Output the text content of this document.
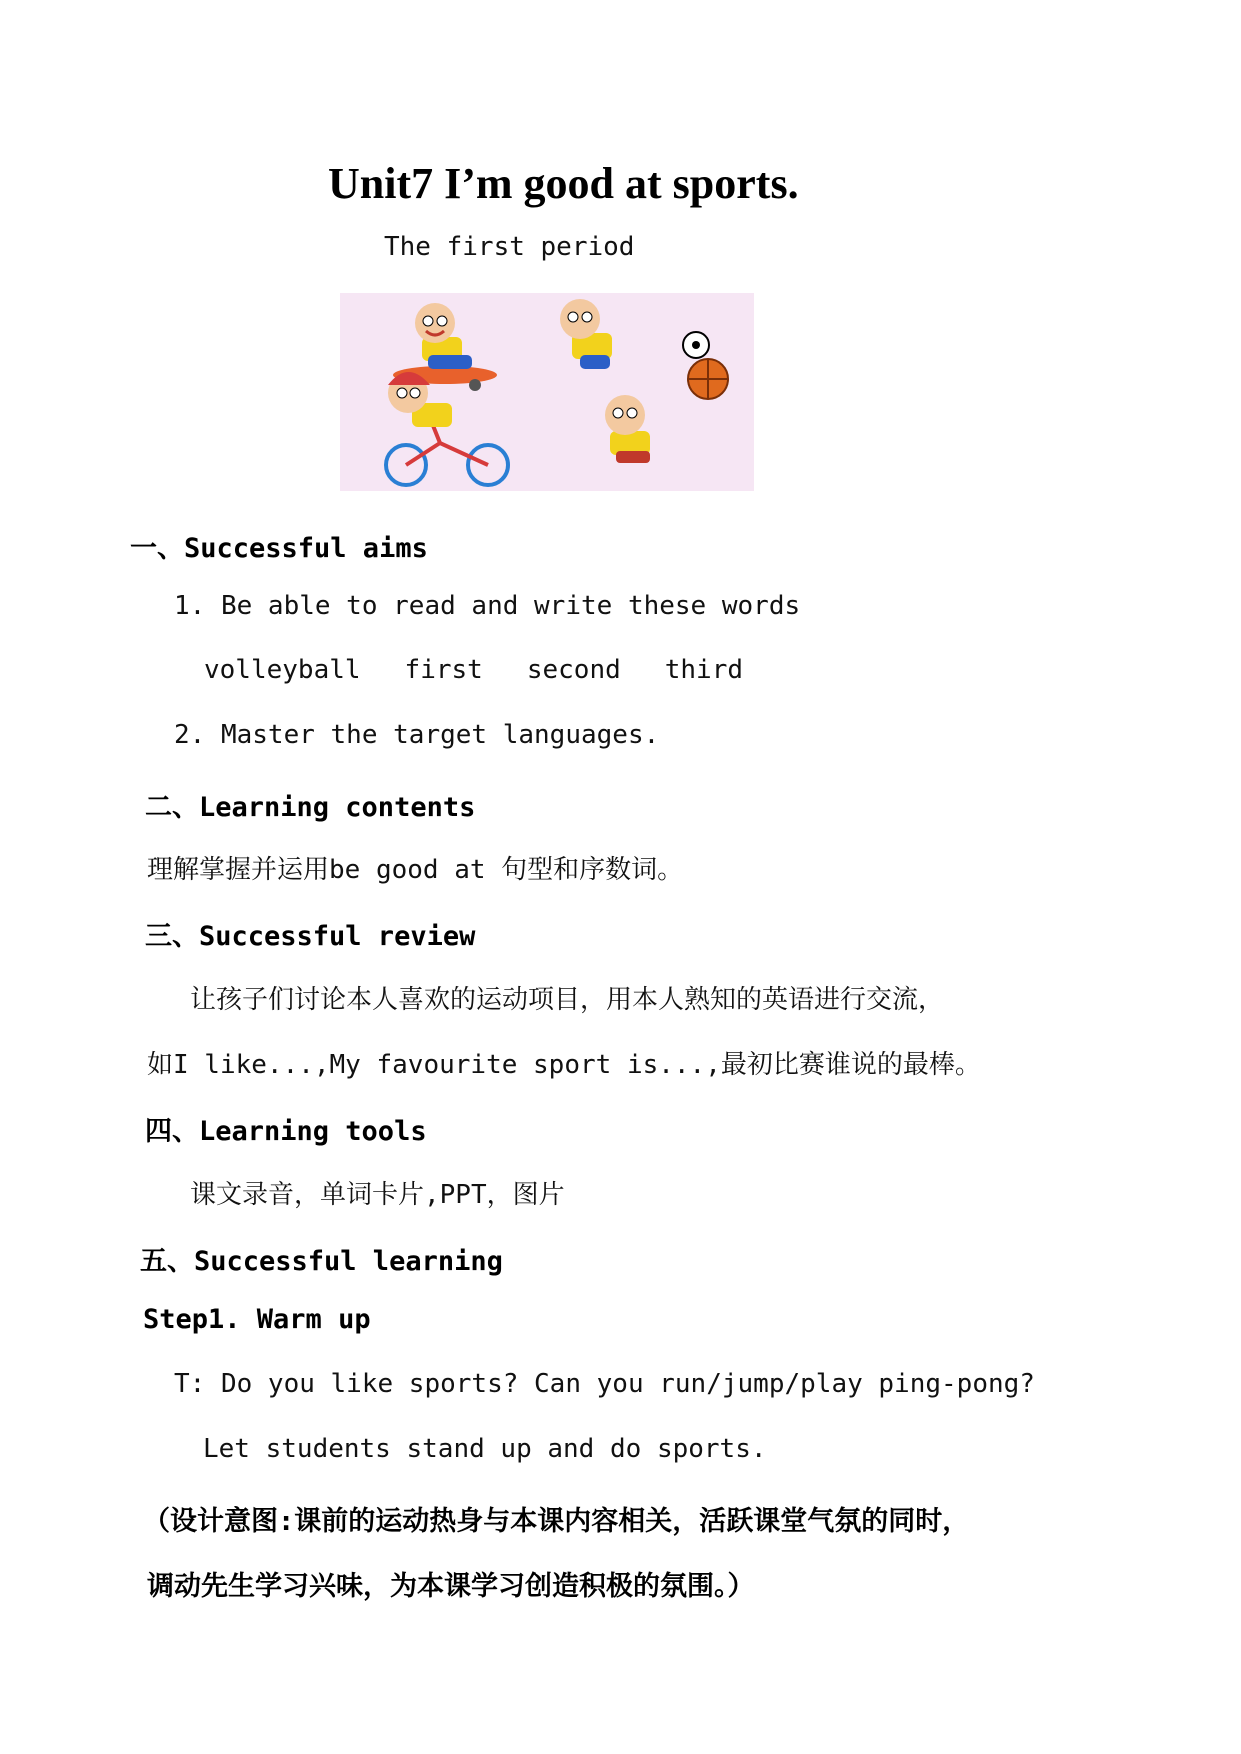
Unit7 I’m good at sports.
The first period
一、Successful aims
1. Be able to read and write these words
volleyball first second third
2. Master the target languages.
二、Learning contents
理解掌握并运用be good at 句型和序数词。
三、Successful review
让孩子们讨论本人喜欢的运动项目，用本人熟知的英语进行交流，
如I like...,My favourite sport is...,最初比赛谁说的最棒。
四、Learning tools
课文录音，单词卡片,PPT，图片
五、Successful learning
Step1. Warm up
T: Do you like sports? Can you run/jump/play ping-pong?
Let students stand up and do sports.
（设计意图:课前的运动热身与本课内容相关，活跃课堂气氛的同时，
调动先生学习兴味，为本课学习创造积极的氛围。）
